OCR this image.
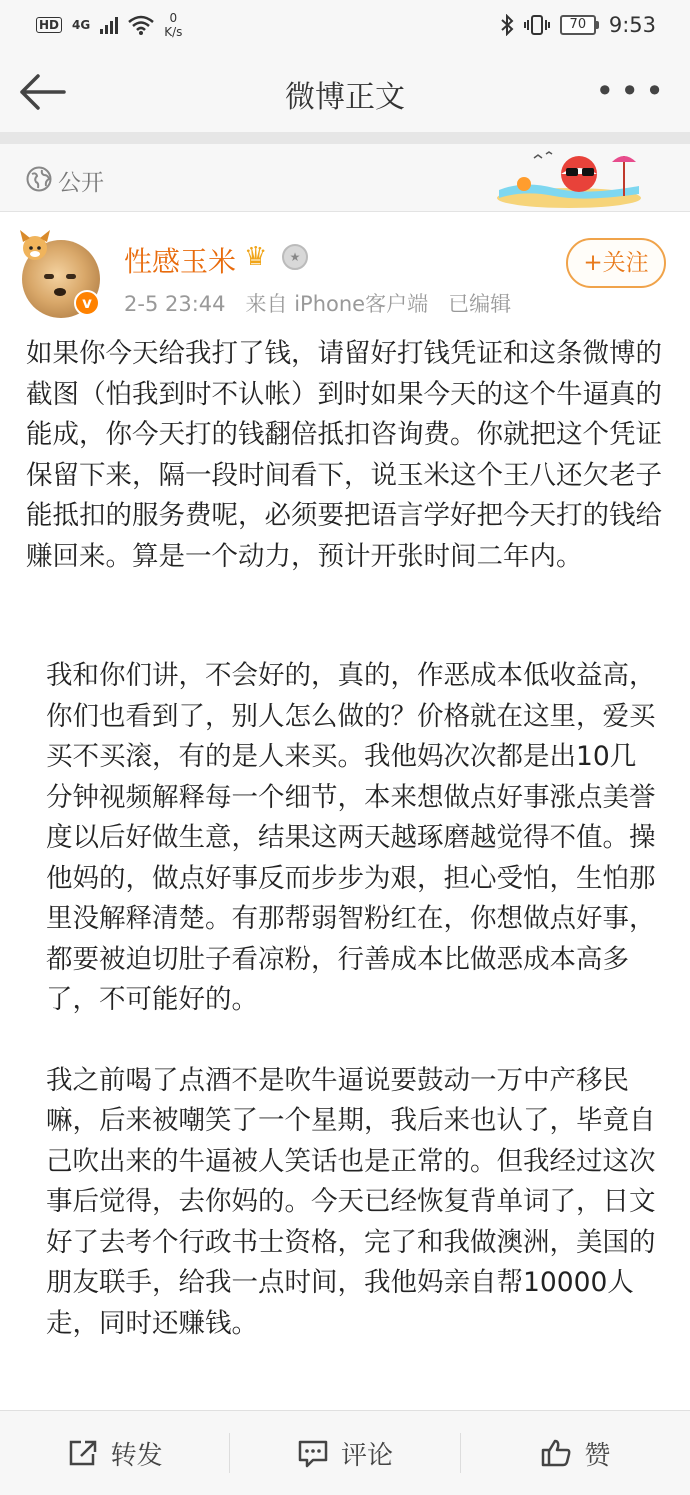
HD 4G	0
K/s	70	9:53
微博正文	•••
公开
v
性感玉米 ♛	★
2-5 23:44 来自 iPhone客户端 已编辑
+关注
如果你今天给我打了钱，请留好打钱凭证和这条微博的截图（怕我到时不认帐）到时如果今天的这个牛逼真的能成，你今天打的钱翻倍抵扣咨询费。你就把这个凭证保留下来，隔一段时间看下，说玉米这个王八还欠老子能抵扣的服务费呢，必须要把语言学好把今天打的钱给赚回来。算是一个动力，预计开张时间二年内。

我和你们讲，不会好的，真的，作恶成本低收益高，你们也看到了，别人怎么做的？价格就在这里，爱买买不买滚，有的是人来买。我他妈次次都是出10几分钟视频解释每一个细节，本来想做点好事涨点美誉度以后好做生意，结果这两天越琢磨越觉得不值。操他妈的，做点好事反而步步为艰，担心受怕，生怕那里没解释清楚。有那帮弱智粉红在，你想做点好事，都要被迫切肚子看凉粉，行善成本比做恶成本高多了，不可能好的。

我之前喝了点酒不是吹牛逼说要鼓动一万中产移民嘛，后来被嘲笑了一个星期，我后来也认了，毕竟自己吹出来的牛逼被人笑话也是正常的。但我经过这次事后觉得，去你妈的。今天已经恢复背单词了，日文好了去考个行政书士资格，完了和我做澳洲，美国的朋友联手，给我一点时间，我他妈亲自帮10000人走，同时还赚钱。

转发	评论	赞
